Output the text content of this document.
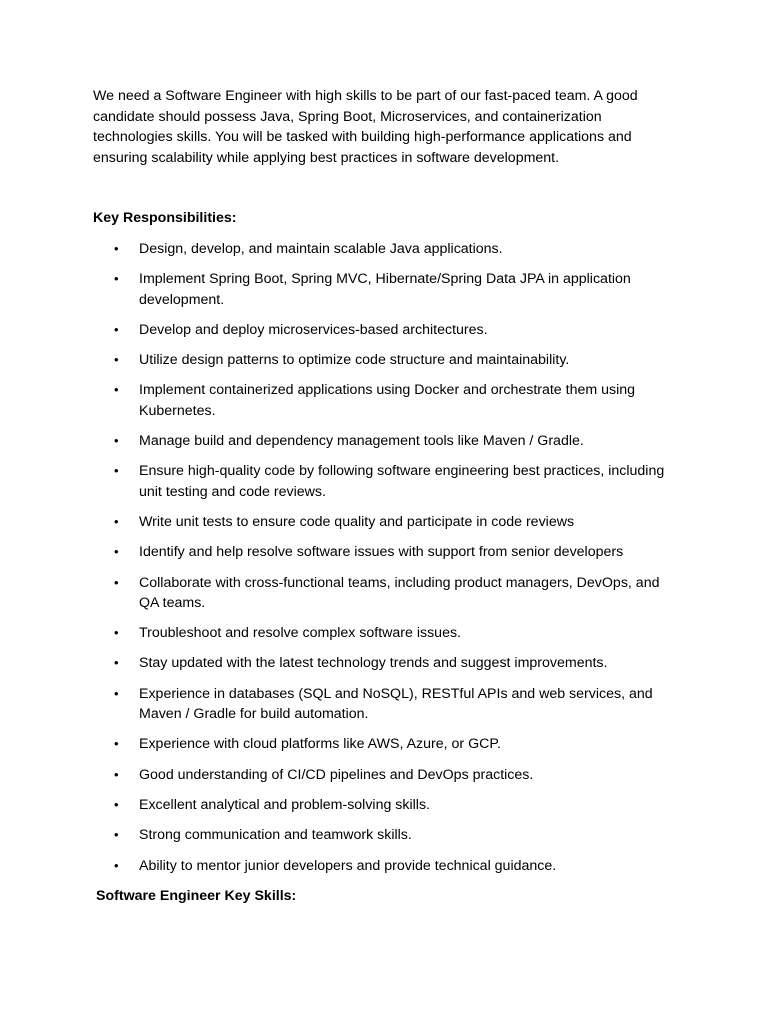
We need a Software Engineer with high skills to be part of our fast-paced team. A good candidate should possess Java, Spring Boot, Microservices, and containerization technologies skills. You will be tasked with building high-performance applications and ensuring scalability while applying best practices in software development.

Key Responsibilities:
• Design, develop, and maintain scalable Java applications.
• Implement Spring Boot, Spring MVC, Hibernate/Spring Data JPA in application development.
• Develop and deploy microservices-based architectures.
• Utilize design patterns to optimize code structure and maintainability.
• Implement containerized applications using Docker and orchestrate them using Kubernetes.
• Manage build and dependency management tools like Maven / Gradle.
• Ensure high-quality code by following software engineering best practices, including unit testing and code reviews.
• Write unit tests to ensure code quality and participate in code reviews
• Identify and help resolve software issues with support from senior developers
• Collaborate with cross-functional teams, including product managers, DevOps, and QA teams.
• Troubleshoot and resolve complex software issues.
• Stay updated with the latest technology trends and suggest improvements.
• Experience in databases (SQL and NoSQL), RESTful APIs and web services, and Maven / Gradle for build automation.
• Experience with cloud platforms like AWS, Azure, or GCP.
• Good understanding of CI/CD pipelines and DevOps practices.
• Excellent analytical and problem-solving skills.
• Strong communication and teamwork skills.
• Ability to mentor junior developers and provide technical guidance.
Software Engineer Key Skills:
